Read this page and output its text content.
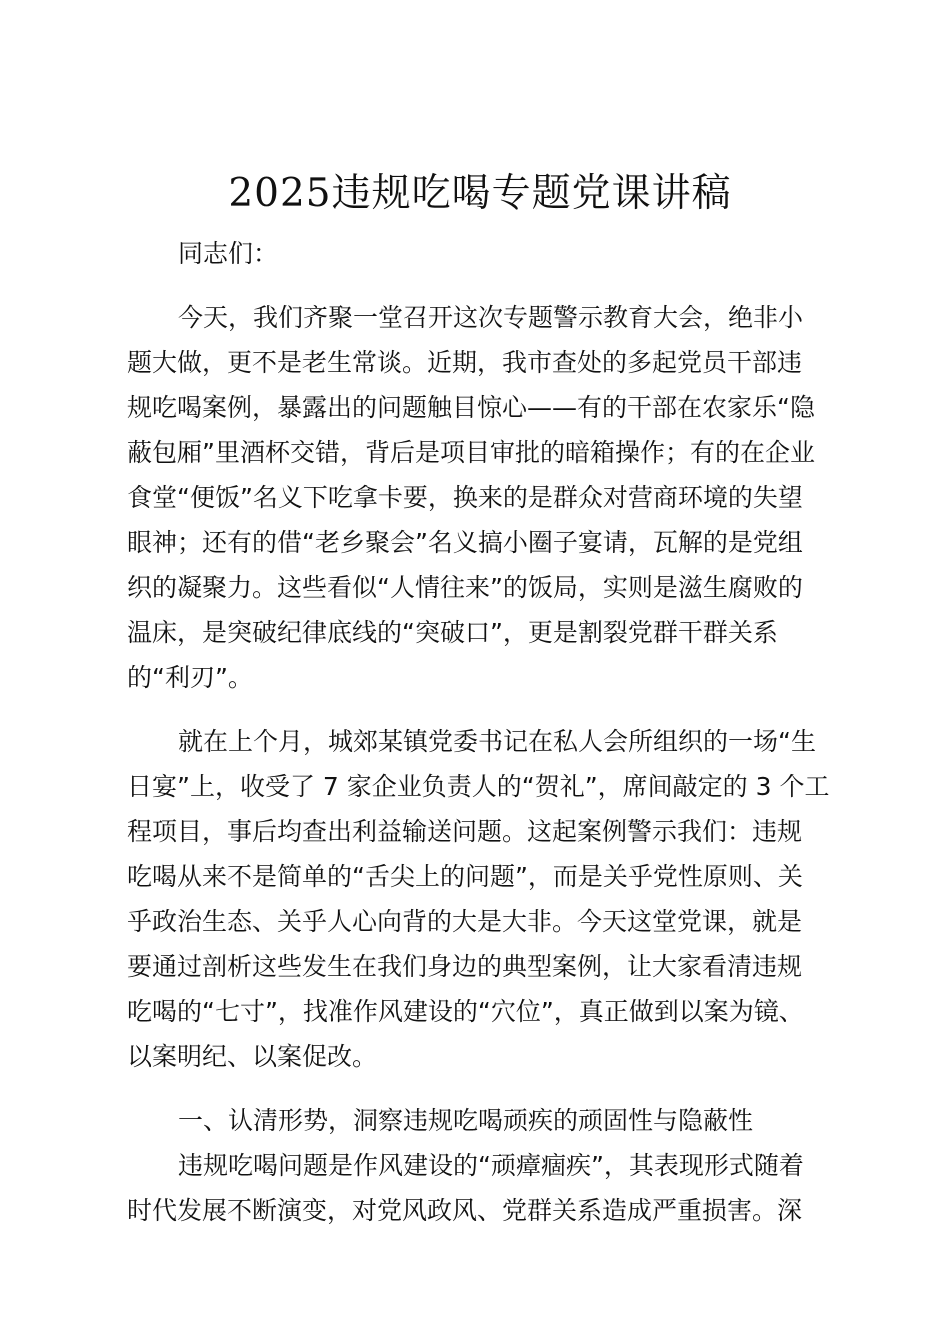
2025违规吃喝专题党课讲稿
同志们：
今天，我们齐聚一堂召开这次专题警示教育大会，绝非小
题大做，更不是老生常谈。近期，我市查处的多起党员干部违
规吃喝案例，暴露出的问题触目惊心——有的干部在农家乐“隐
蔽包厢”里酒杯交错，背后是项目审批的暗箱操作；有的在企业
食堂“便饭”名义下吃拿卡要，换来的是群众对营商环境的失望
眼神；还有的借“老乡聚会”名义搞小圈子宴请，瓦解的是党组
织的凝聚力。这些看似“人情往来”的饭局，实则是滋生腐败的
温床，是突破纪律底线的“突破口”，更是割裂党群干群关系
的“利刃”。
就在上个月，城郊某镇党委书记在私人会所组织的一场“生
日宴”上，收受了 7 家企业负责人的“贺礼”，席间敲定的 3 个工
程项目，事后均查出利益输送问题。这起案例警示我们：违规
吃喝从来不是简单的“舌尖上的问题”，而是关乎党性原则、关
乎政治生态、关乎人心向背的大是大非。今天这堂党课，就是
要通过剖析这些发生在我们身边的典型案例，让大家看清违规
吃喝的“七寸”，找准作风建设的“穴位”，真正做到以案为镜、
以案明纪、以案促改。
一、认清形势，洞察违规吃喝顽疾的顽固性与隐蔽性
违规吃喝问题是作风建设的“顽瘴痼疾”，其表现形式随着
时代发展不断演变，对党风政风、党群关系造成严重损害。深
